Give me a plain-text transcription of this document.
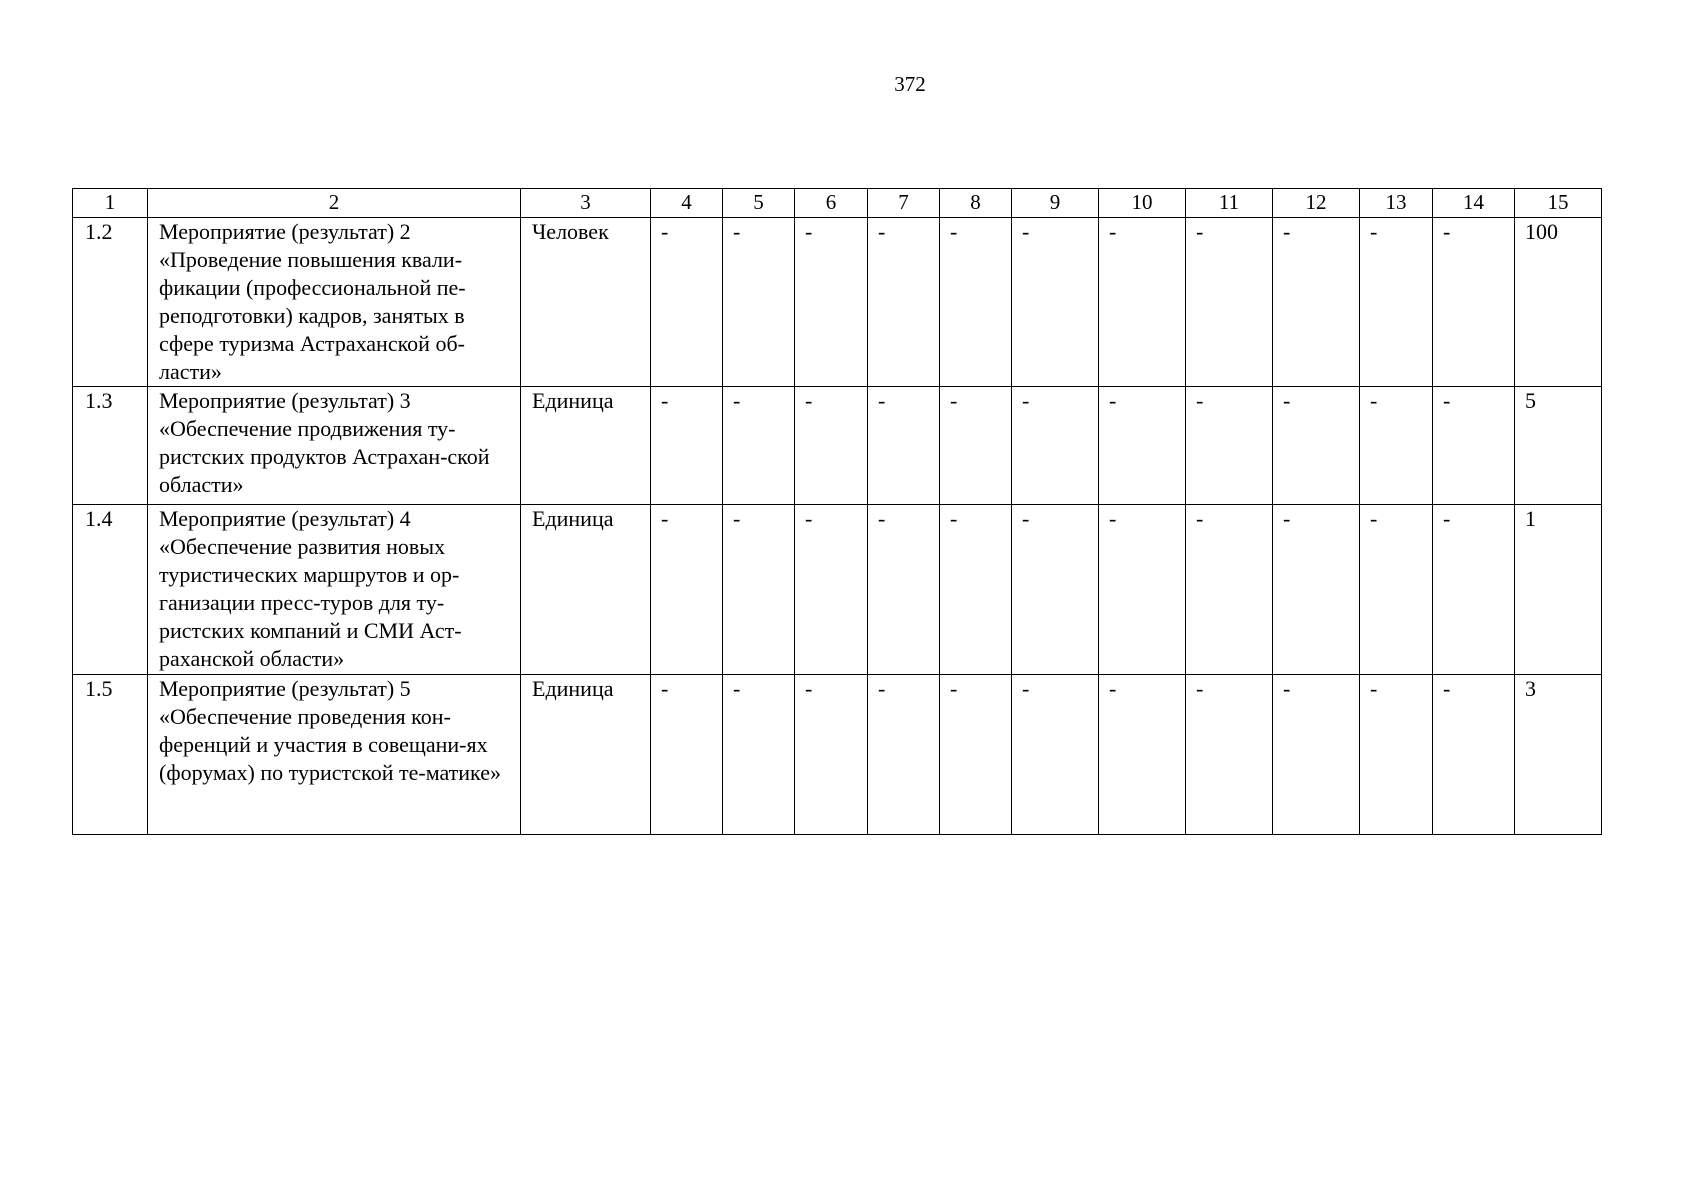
372
1	2	3	4	5	6	7	8	9	10	11	12	13	14	15
1.2	Мероприятие (результат) 2 «Проведение повышения квали-фикации (профессиональной пе-реподготовки) кадров, занятых в сфере туризма Астраханской об-ласти»	Человек	-	-	-	-	-	-	-	-	-	-	-	100
1.3	Мероприятие (результат) 3 «Обеспечение продвижения ту-ристских продуктов Астрахан-ской области»	Единица	-	-	-	-	-	-	-	-	-	-	-	5
1.4	Мероприятие (результат) 4 «Обеспечение развития новых туристических маршрутов и ор-ганизации пресс-туров для ту-ристских компаний и СМИ Аст-раханской области»	Единица	-	-	-	-	-	-	-	-	-	-	-	1
1.5	Мероприятие (результат) 5 «Обеспечение проведения кон-ференций и участия в совещани-ях (форумах) по туристской те-матике»	Единица	-	-	-	-	-	-	-	-	-	-	-	3
